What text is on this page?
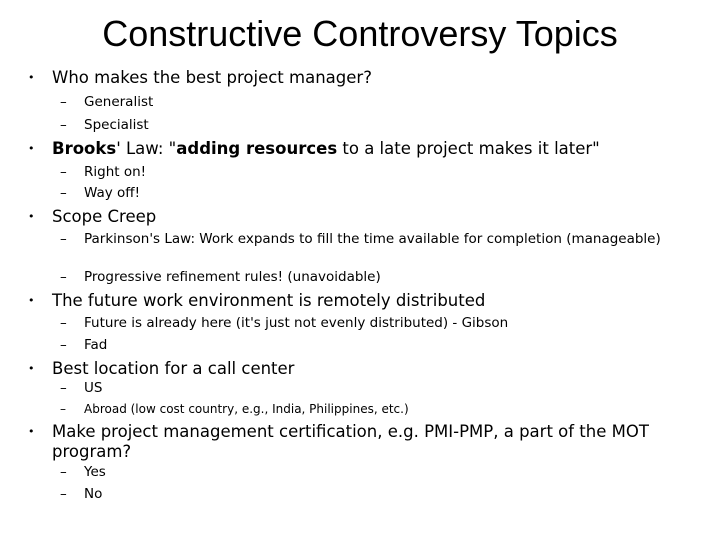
Constructive Controversy Topics
• Who makes the best project manager?
– Generalist
– Specialist
• Brooks' Law: "adding resources to a late project makes it later"
– Right on!
– Way off!
• Scope Creep
– Parkinson's Law: Work expands to fill the time available for completion (manageable)
– Progressive refinement rules! (unavoidable)
• The future work environment is remotely distributed
– Future is already here (it's just not evenly distributed) - Gibson
– Fad
• Best location for a call center
– US
– Abroad (low cost country, e.g., India, Philippines, etc.)
• Make project management certification, e.g. PMI-PMP, a part of the MOT program?
– Yes
– No
